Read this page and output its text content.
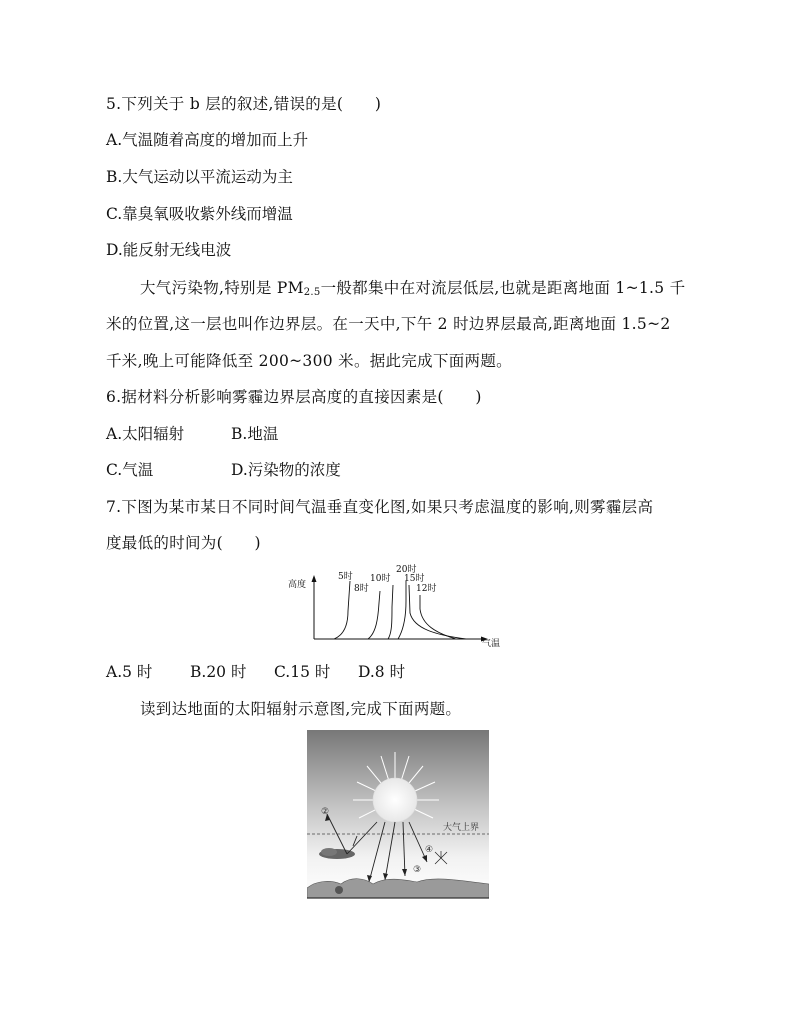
5.下列关于 b 层的叙述,错误的是(　　)
A.气温随着高度的增加而上升
B.大气运动以平流运动为主
C.靠臭氧吸收紫外线而增温
D.能反射无线电波
大气污染物,特别是 $PM_{2.5}$一般都集中在对流层低层,也就是距离地面 1~1.5 千
米的位置,这一层也叫作边界层。在一天中,下午 2 时边界层最高,距离地面 1.5~2
千米,晚上可能降低至 200~300 米。据此完成下面两题。
6.据材料分析影响雾霾边界层高度的直接因素是(　　)
A.太阳辐射	B.地温
C.气温	D.污染物的浓度
7.下图为某市某日不同时间气温垂直变化图,如果只考虑温度的影响,则雾霾层高
度最低的时间为(　　)
高度
气温
5时
8时
10时
20时
15时
12时
A.5 时 B.20 时 C.15 时 D.8 时
读到达地面的太阳辐射示意图,完成下面两题。
大气上界
②
④
③
